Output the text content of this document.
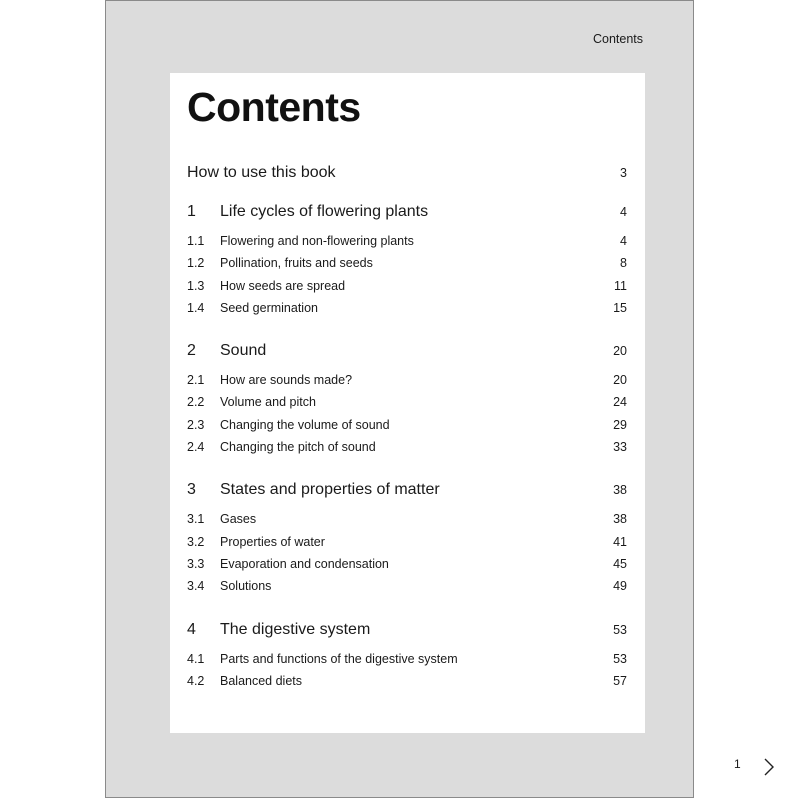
Contents
Contents
How to use this book	3
1	Life cycles of flowering plants	4
1.1	Flowering and non-flowering plants	4
1.2	Pollination, fruits and seeds	8
1.3	How seeds are spread	11
1.4	Seed germination	15
2	Sound	20
2.1	How are sounds made?	20
2.2	Volume and pitch	24
2.3	Changing the volume of sound	29
2.4	Changing the pitch of sound	33
3	States and properties of matter	38
3.1	Gases	38
3.2	Properties of water	41
3.3	Evaporation and condensation	45
3.4	Solutions	49
4	The digestive system	53
4.1	Parts and functions of the digestive system	53
4.2	Balanced diets	57
1
